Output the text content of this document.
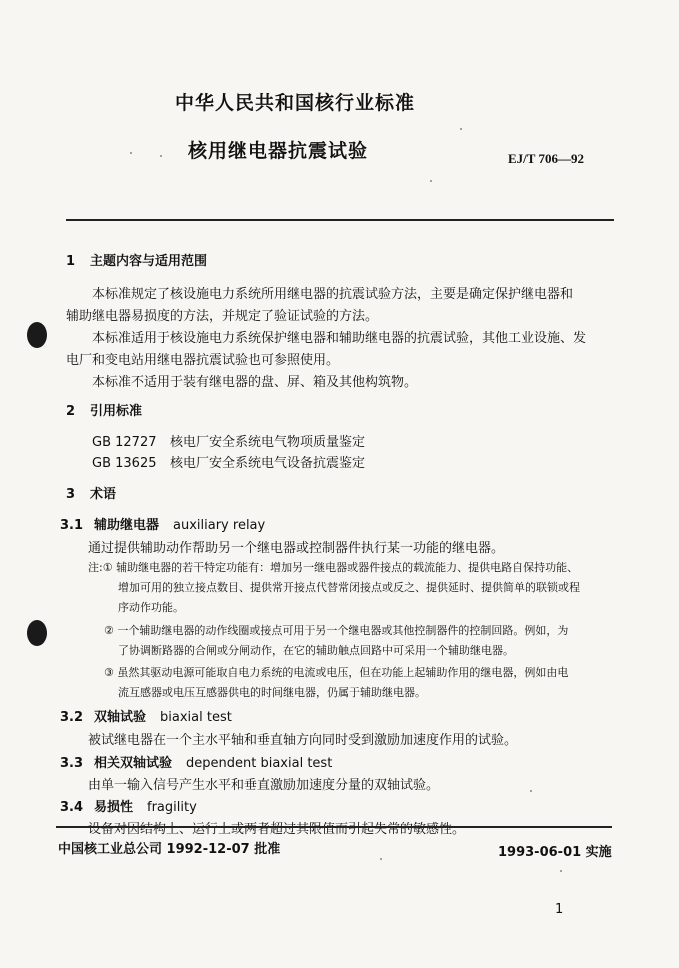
中华人民共和国核行业标准
核用继电器抗震试验	EJ/T 706—92
1 主题内容与适用范围
本标准规定了核设施电力系统所用继电器的抗震试验方法，主要是确定保护继电器和
辅助继电器易损度的方法，并规定了验证试验的方法。
本标准适用于核设施电力系统保护继电器和辅助继电器的抗震试验，其他工业设施、发
电厂和变电站用继电器抗震试验也可参照使用。
本标准不适用于装有继电器的盘、屏、箱及其他构筑物。
2 引用标准
GB 12727 核电厂安全系统电气物项质量鉴定
GB 13625 核电厂安全系统电气设备抗震鉴定
3 术语
3.1 辅助继电器 auxiliary relay
通过提供辅助动作帮助另一个继电器或控制器件执行某一功能的继电器。
注:① 辅助继电器的若干特定功能有：增加另一继电器或器件接点的载流能力、提供电路自保持功能、
增加可用的独立接点数目、提供常开接点代替常闭接点或反之、提供延时、提供简单的联锁或程
序动作功能。
② 一个辅助继电器的动作线圈或接点可用于另一个继电器或其他控制器件的控制回路。例如，为
了协调断路器的合闸或分闸动作，在它的辅助触点回路中可采用一个辅助继电器。
③ 虽然其驱动电源可能取自电力系统的电流或电压，但在功能上起辅助作用的继电器，例如由电
流互感器或电压互感器供电的时间继电器，仍属于辅助继电器。
3.2 双轴试验 biaxial test
被试继电器在一个主水平轴和垂直轴方向同时受到激励加速度作用的试验。
3.3 相关双轴试验 dependent biaxial test
由单一输入信号产生水平和垂直激励加速度分量的双轴试验。
3.4 易损性 fragility
设备对因结构上、运行上或两者超过其限值而引起失常的敏感性。
中国核工业总公司 1992-12-07 批准	1993-06-01 实施
1
